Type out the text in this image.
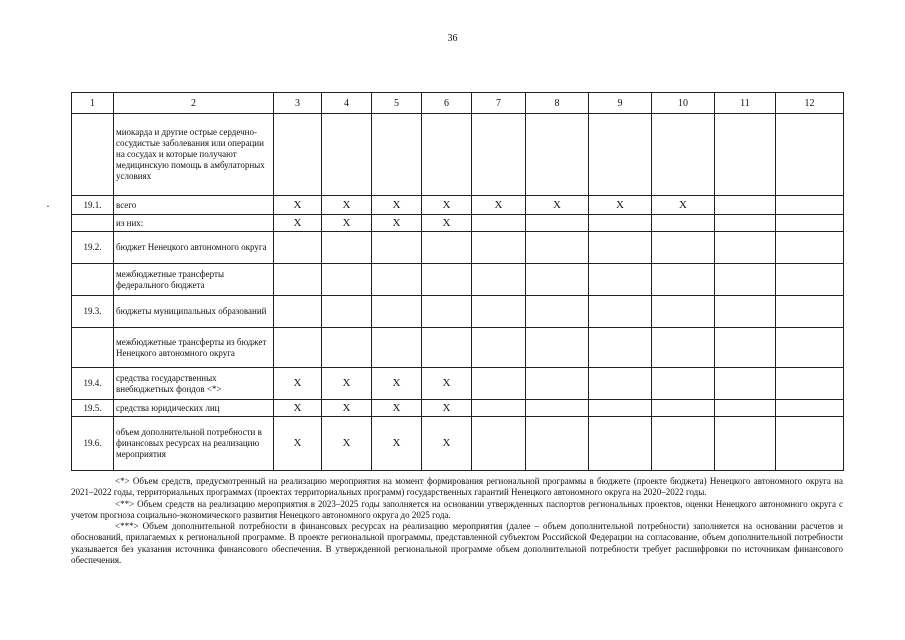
36
·
1	2	3	4	5	6	7	8	9	10	11	12
	миокарда и другие острые сердечно-сосудистые заболевания или операции на сосудах и которые получают медицинскую помощь в амбулаторных условиях										
19.1.	всего	X	X	X	X	X	X	X	X		
	из них:	X	X	X	X						
19.2.	бюджет Ненецкого автономного округа										
	межбюджетные трансферты федерального бюджета										
19.3.	бюджеты муниципальных образований										
	межбюджетные трансферты из бюджет Ненецкого автономного округа										
19.4.	средства государственных внебюджетных фондов <*>	X	X	X	X						
19.5.	средства юридических лиц	X	X	X	X						
19.6.	объем дополнительной потребности в финансовых ресурсах на реализацию мероприятия	X	X	X	X						

<*> Объем средств, предусмотренный на реализацию мероприятия на момент формирования региональной программы в бюджете (проекте бюджета) Ненецкого автономного округа на 2021–2022 годы, территориальных программах (проектах территориальных программ) государственных гарантий Ненецкого автономного округа на 2020–2022 годы.

<**> Объем средств на реализацию мероприятия в 2023–2025 годы заполняется на основании утвержденных паспортов региональных проектов, оценки Ненецкого автономного округа с учетом прогноза социально-экономического развития Ненецкого автономного округа до 2025 года.

<***> Объем дополнительной потребности в финансовых ресурсах на реализацию мероприятия (далее – объем дополнительной потребности) заполняется на основании расчетов и обоснований, прилагаемых к региональной программе. В проекте региональной программы, представленной субъектом Российской Федерации на согласование, объем дополнительной потребности указывается без указания источника финансового обеспечения. В утвержденной региональной программе объем дополнительной потребности требует расшифровки по источникам финансового обеспечения.
